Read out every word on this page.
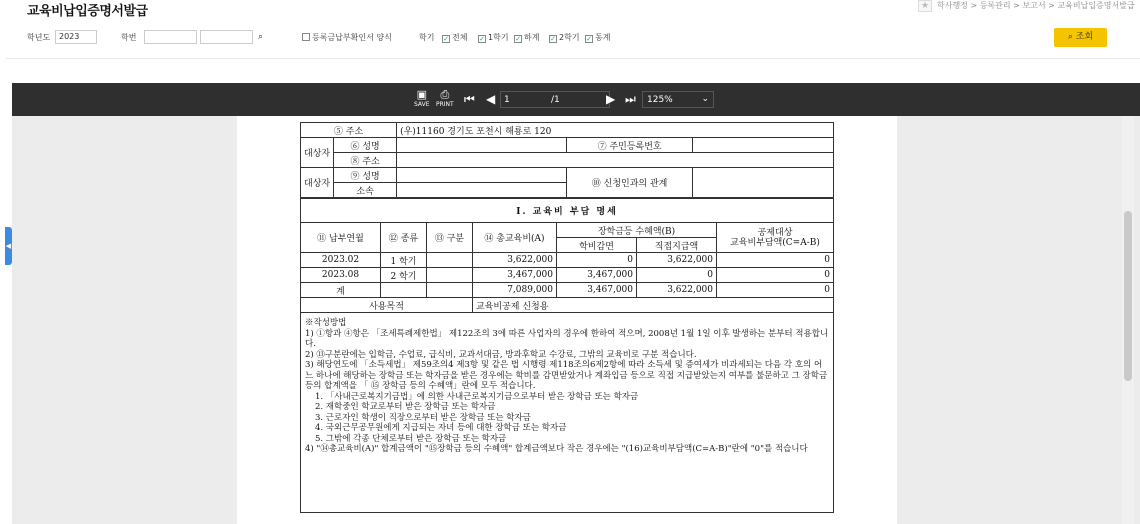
교육비납입증명서발급	★ 학사행정 > 등록관리 > 보고서 > 교육비납입증명서발급
학년도	2023	학번	⌕	등록금납부확인서 양식	학기 ✓ 전체 ✓ 1학기 ✓ 하계 ✓ 2학기 ✓ 동계	⌕ 조회
◀
▣
SAVE
⎙
PRINT ⏮ ◀ 1	/1	▶ ⏭	125%	⌄
⑤ 주소		(우)11160 경기도 포천시 해룡로 120		
대상자	⑥ 성명		⑦ 주민등록번호	
	⑧ 주소			
대상자	⑨ 성명		⑩ 신청인과의 관계	
	소속			
Ⅰ. 교육비 부담 명세						
⑪ 납부연월	⑫ 종류	⑬ 구분	⑭ 총교육비(A)	장학금등 수혜액(B)		공제대상
교육비부담액(C=A-B)
				학비감면	직접지급액	
2023.02	1 학기		3,622,000	0	3,622,000	0
2023.08	2 학기		3,467,000	3,467,000	0	0
계			7,089,000	3,467,000	3,622,000	0
사용목적			교육비공제 신청용			
※작성방법
1) ①항과 ④항은 「조세특례제한법」 제122조의 3에 따른 사업자의 경우에 한하여 적으며, 2008년 1월 1일 이후 발생하는 분부터 적용합니다.
2) ⑬구분란에는 입학금, 수업료, 급식비, 교과서대금, 방과후학교 수강료, 그밖의 교육비로 구분 적습니다.
3) 해당연도에 「소득세법」 제59조의4 제3항 및 같은 법 시행령 제118조의6제2항에 따라 소득세 및 증여세가 비과세되는 다음 각 호의 어느 하나에 해당하는 장학금 또는 학자금을 받은 경우에는 학비를 감면받았거나 계좌입금 등으로 직접 지급받았는지 여부를 불문하고 그 장학금 등의 합계액을 「 ⑮ 장학금 등의 수혜액」란에 모두 적습니다.
1. 「사내근로복지기금법」에 의한 사내근로복지기금으로부터 받은 장학금 또는 학자금
2. 재학중인 학교로부터 받은 장학금 또는 학자금
3. 근로자인 학생이 직장으로부터 받은 장학금 또는 학자금
4. 국외근무공무원에게 지급되는 자녀 등에 대한 장학금 또는 학자금
5. 그밖에 각종 단체로부터 받은 장학금 또는 학자금
4) "⑭총교육비(A)" 합계금액이 "⑮장학금 등의 수혜액" 합계금액보다 작은 경우에는 "(16)교육비부담액(C=A-B)"란에 "0"를 적습니다
